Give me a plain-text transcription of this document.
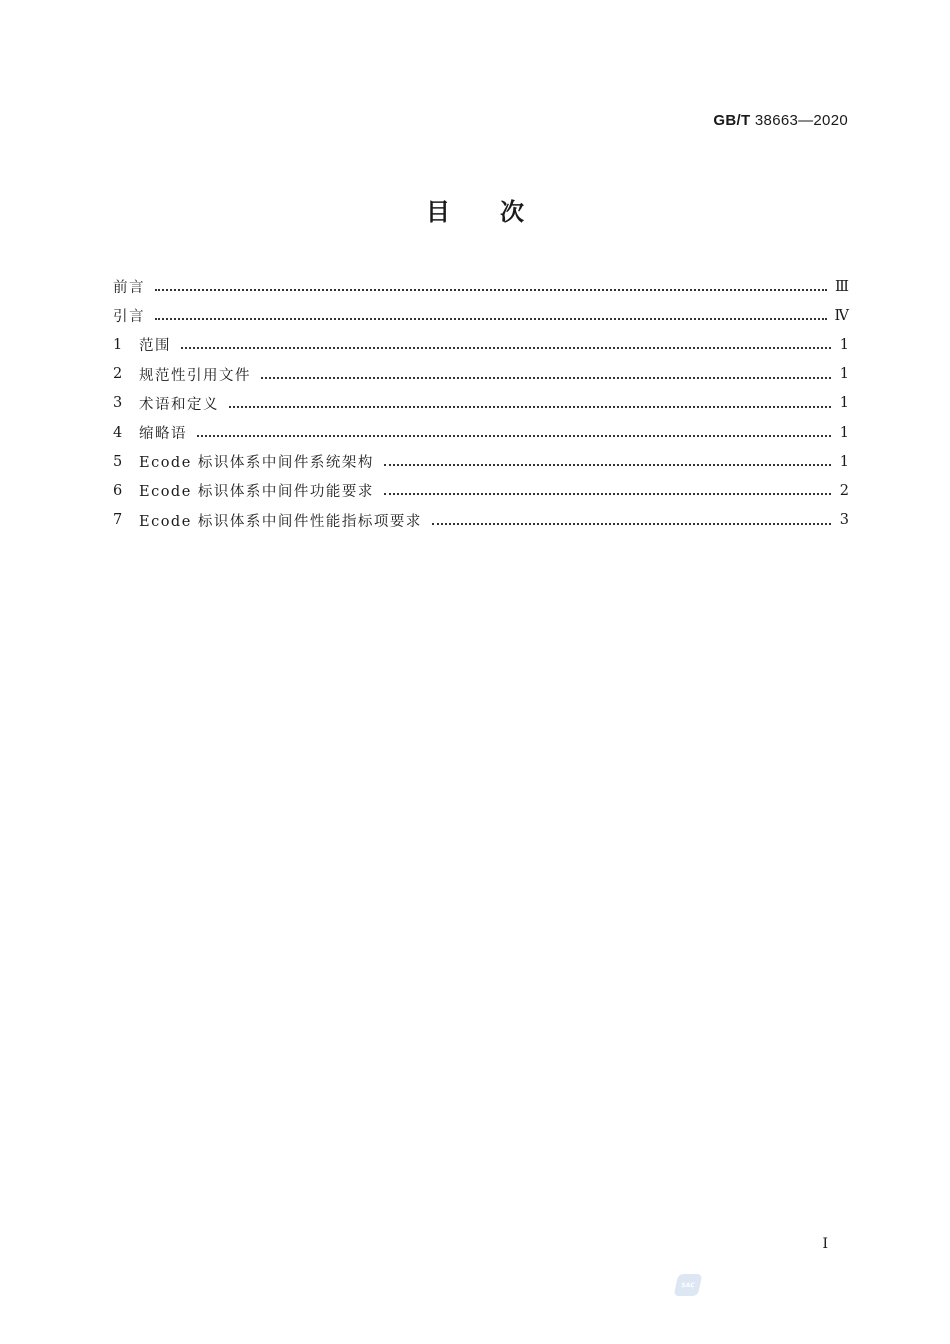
GB/T 38663—2020
目次
前言	Ⅲ
引言	Ⅳ
1	范围	1
2	规范性引用文件	1
3	术语和定义	1
4	缩略语	1
5	Ecode 标识体系中间件系统架构	1
6	Ecode 标识体系中间件功能要求	2
7	Ecode 标识体系中间件性能指标项要求	3
I
SAC
